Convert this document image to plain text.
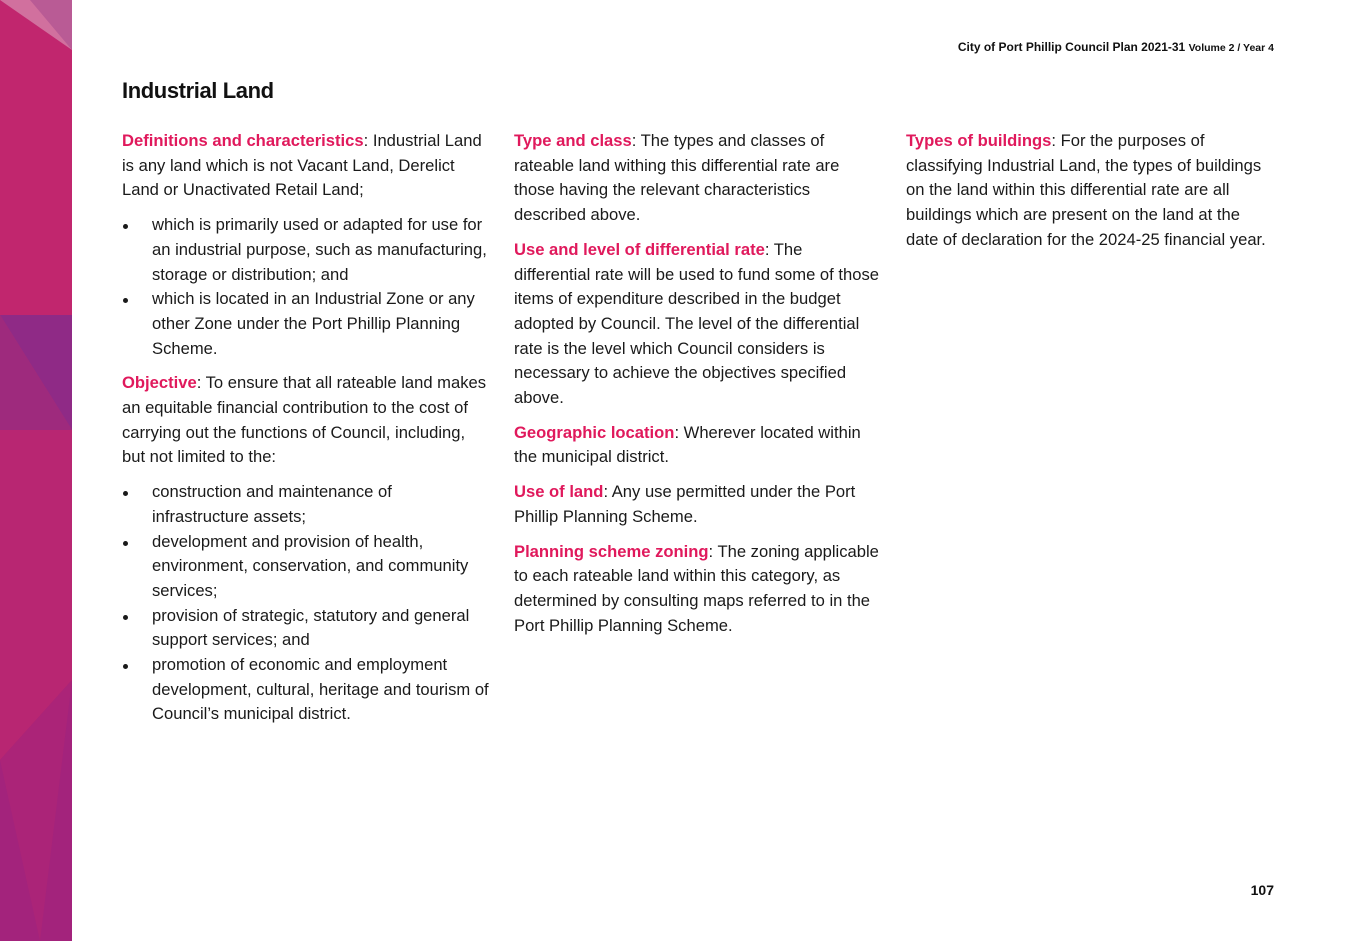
City of Port Phillip Council Plan 2021-31 Volume 2 / Year 4
Industrial Land

Definitions and characteristics: Industrial Land is any land which is not Vacant Land, Derelict Land or Unactivated Retail Land;

which is primarily used or adapted for use for an industrial purpose, such as manufacturing, storage or distribution; and
which is located in an Industrial Zone or any other Zone under the Port Phillip Planning Scheme.

Objective: To ensure that all rateable land makes an equitable financial contribution to the cost of carrying out the functions of Council, including, but not limited to the:

construction and maintenance of infrastructure assets;
development and provision of health, environment, conservation, and community services;
provision of strategic, statutory and general support services; and
promotion of economic and employment development, cultural, heritage and tourism of Council’s municipal district.

Type and class: The types and classes of rateable land withing this differential rate are those having the relevant characteristics described above.

Use and level of differential rate: The differential rate will be used to fund some of those items of expenditure described in the budget adopted by Council. The level of the differential rate is the level which Council considers is necessary to achieve the objectives specified above.

Geographic location: Wherever located within the municipal district.

Use of land: Any use permitted under the Port Phillip Planning Scheme.

Planning scheme zoning: The zoning applicable to each rateable land within this category, as determined by consulting maps referred to in the Port Phillip Planning Scheme.

Types of buildings: For the purposes of classifying Industrial Land, the types of buildings on the land within this differential rate are all buildings which are present on the land at the date of declaration for the 2024-25 financial year.

107
